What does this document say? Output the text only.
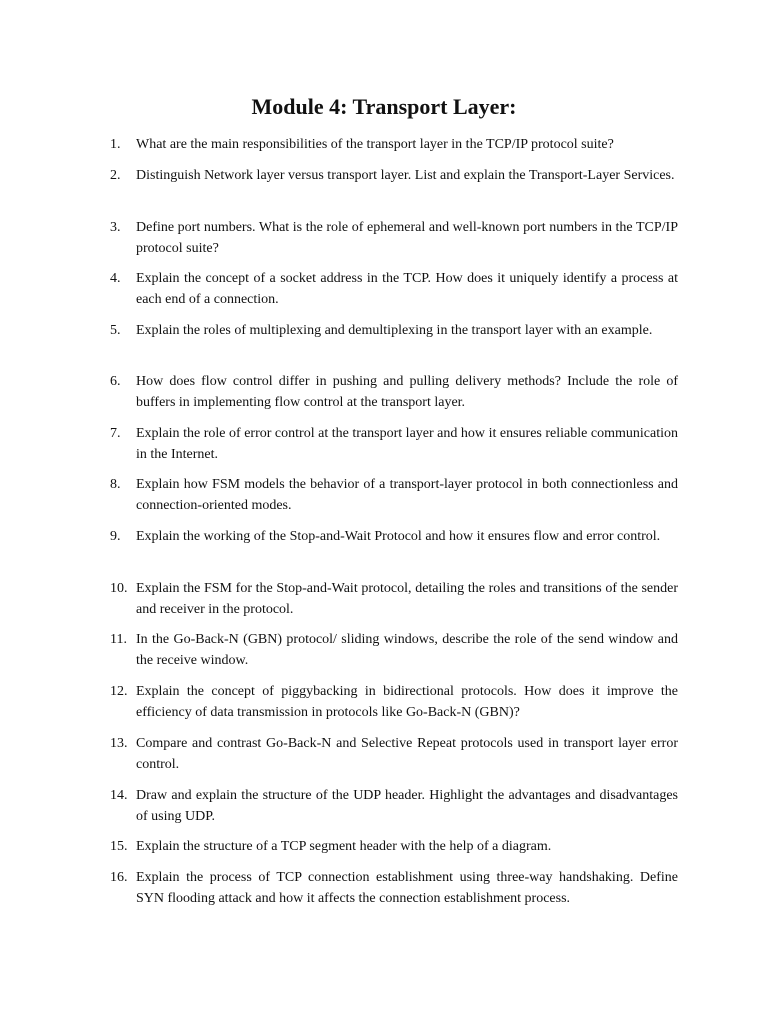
Module 4: Transport Layer:
1.	What are the main responsibilities of the transport layer in the TCP/IP protocol suite?
2.	Distinguish Network layer versus transport layer. List and explain the Transport-Layer Services.
3.	Define port numbers. What is the role of ephemeral and well-known port numbers in the TCP/IP protocol suite?
4.	Explain the concept of a socket address in the TCP. How does it uniquely identify a process at each end of a connection.
5.	Explain the roles of multiplexing and demultiplexing in the transport layer with an example.
6.	How does flow control differ in pushing and pulling delivery methods? Include the role of buffers in implementing flow control at the transport layer.
7.	Explain the role of error control at the transport layer and how it ensures reliable communication in the Internet.
8.	Explain how FSM models the behavior of a transport-layer protocol in both connectionless and connection-oriented modes.
9.	Explain the working of the Stop-and-Wait Protocol and how it ensures flow and error control.
10. Explain the FSM for the Stop-and-Wait protocol, detailing the roles and transitions of the sender and receiver in the protocol.
11. In the Go-Back-N (GBN) protocol/ sliding windows, describe the role of the send window and the receive window.
12. Explain the concept of piggybacking in bidirectional protocols. How does it improve the efficiency of data transmission in protocols like Go-Back-N (GBN)?
13. Compare and contrast Go-Back-N and Selective Repeat protocols used in transport layer error control.
14. Draw and explain the structure of the UDP header. Highlight the advantages and disadvantages of using UDP.
15. Explain the structure of a TCP segment header with the help of a diagram.
16. Explain the process of TCP connection establishment using three-way handshaking. Define SYN flooding attack and how it affects the connection establishment process.
